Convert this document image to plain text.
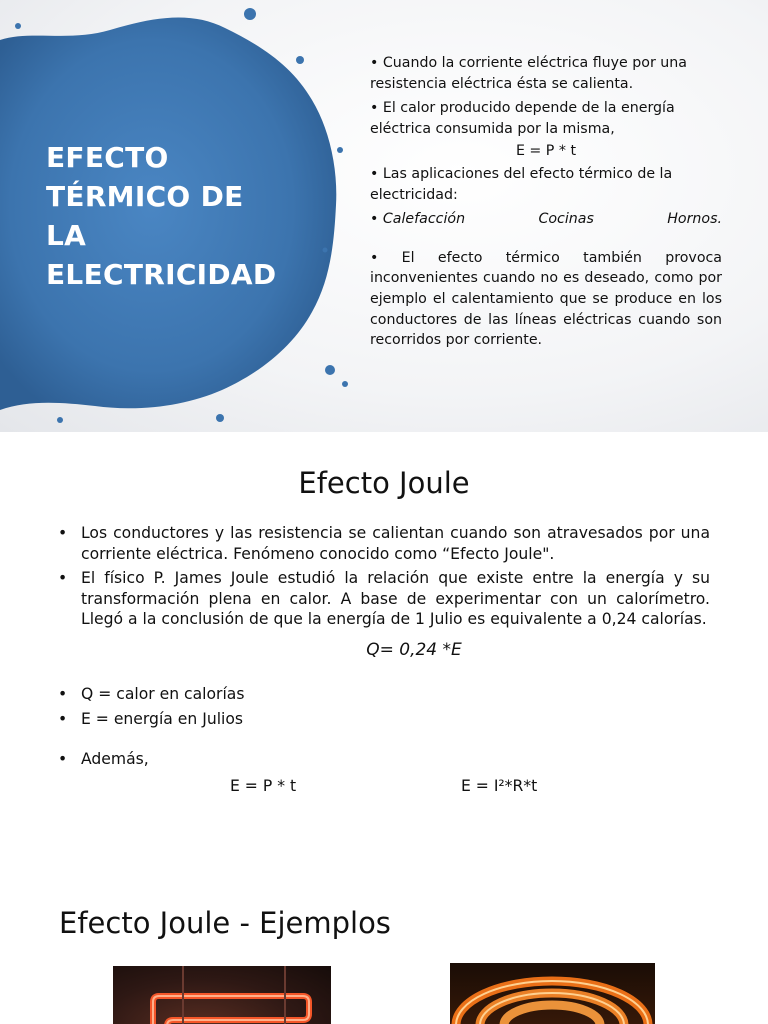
EFECTO
TÉRMICO DE
LA
ELECTRICIDAD

• Cuando la corriente eléctrica fluye por una resistencia eléctrica ésta se calienta.

• El calor producido depende de la energía eléctrica consumida por la misma,

E = P * t

• Las aplicaciones del efecto térmico de la electricidad:

• Calefacción	Cocinas	Hornos.

• El efecto térmico también provoca inconvenientes cuando no es deseado, como por ejemplo el calentamiento que se produce en los conductores de las líneas eléctricas cuando son recorridos por corriente.

Efecto Joule
• Los conductores y las resistencia se calientan cuando son atravesados por una corriente eléctrica. Fenómeno conocido como “Efecto Joule".
• El físico P. James Joule estudió la relación que existe entre la energía y su transformación plena en calor. A base de experimentar con un calorímetro. Llegó a la conclusión de que la energía de 1 Julio es equivalente a 0,24 calorías.
Q= 0,24 *E
• Q = calor en calorías
• E = energía en Julios
• Además,
E = P * t	E = I²*R*t
Efecto Joule - Ejemplos
